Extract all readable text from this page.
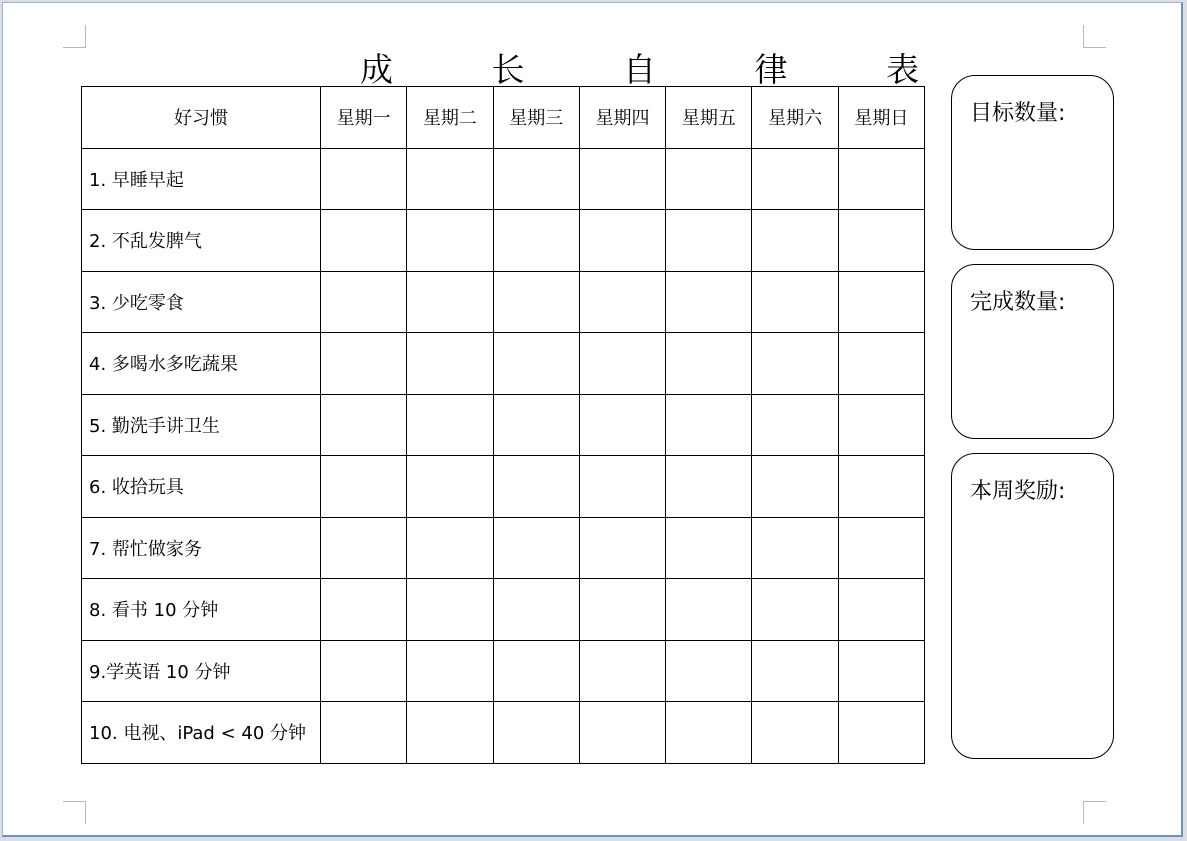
成 长 自 律 表
好习惯	星期一	星期二	星期三	星期四	星期五	星期六	星期日
1. 早睡早起							
2. 不乱发脾气							
3. 少吃零食							
4. 多喝水多吃蔬果							
5. 勤洗手讲卫生							
6. 收拾玩具							
7. 帮忙做家务							
8. 看书 10 分钟							
9.学英语 10 分钟							
10. 电视、iPad < 40 分钟							
目标数量:
完成数量:
本周奖励:
